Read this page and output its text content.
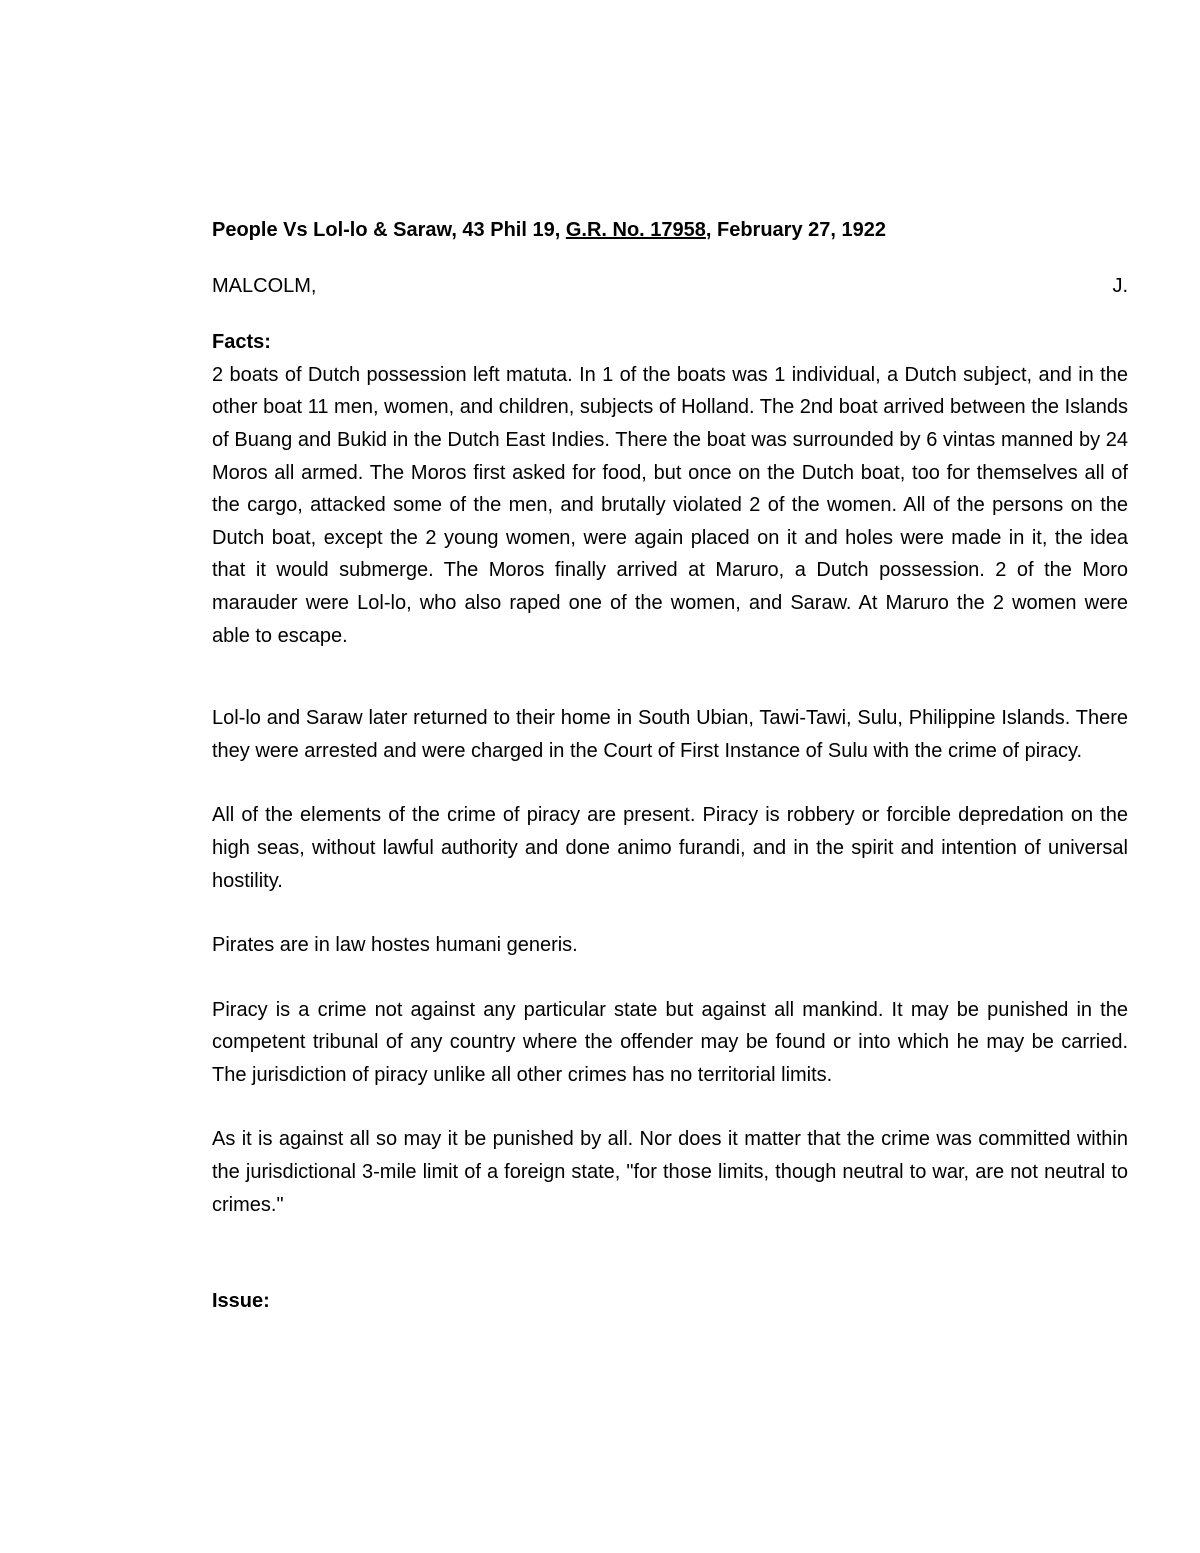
People Vs Lol-lo & Saraw, 43 Phil 19, G.R. No. 17958, February 27, 1922
MALCOLM,	J.
Facts:

2 boats of Dutch possession left matuta. In 1 of the boats was 1 individual, a Dutch subject, and in the other boat 11 men, women, and children, subjects of Holland. The 2nd boat arrived between the Islands of Buang and Bukid in the Dutch East Indies. There the boat was surrounded by 6 vintas manned by 24 Moros all armed. The Moros first asked for food, but once on the Dutch boat, too for themselves all of the cargo, attacked some of the men, and brutally violated 2 of the women. All of the persons on the Dutch boat, except the 2 young women, were again placed on it and holes were made in it, the idea that it would submerge. The Moros finally arrived at Maruro, a Dutch possession. 2 of the Moro marauder were Lol-lo, who also raped one of the women, and Saraw. At Maruro the 2 women were able to escape.

Lol-lo and Saraw later returned to their home in South Ubian, Tawi-Tawi, Sulu, Philippine Islands. There they were arrested and were charged in the Court of First Instance of Sulu with the crime of piracy.

All of the elements of the crime of piracy are present. Piracy is robbery or forcible depredation on the high seas, without lawful authority and done animo furandi, and in the spirit and intention of universal hostility.

Pirates are in law hostes humani generis.

Piracy is a crime not against any particular state but against all mankind. It may be punished in the competent tribunal of any country where the offender may be found or into which he may be carried. The jurisdiction of piracy unlike all other crimes has no territorial limits.

As it is against all so may it be punished by all. Nor does it matter that the crime was committed within the jurisdictional 3-mile limit of a foreign state, "for those limits, though neutral to war, are not neutral to crimes."

Issue:
